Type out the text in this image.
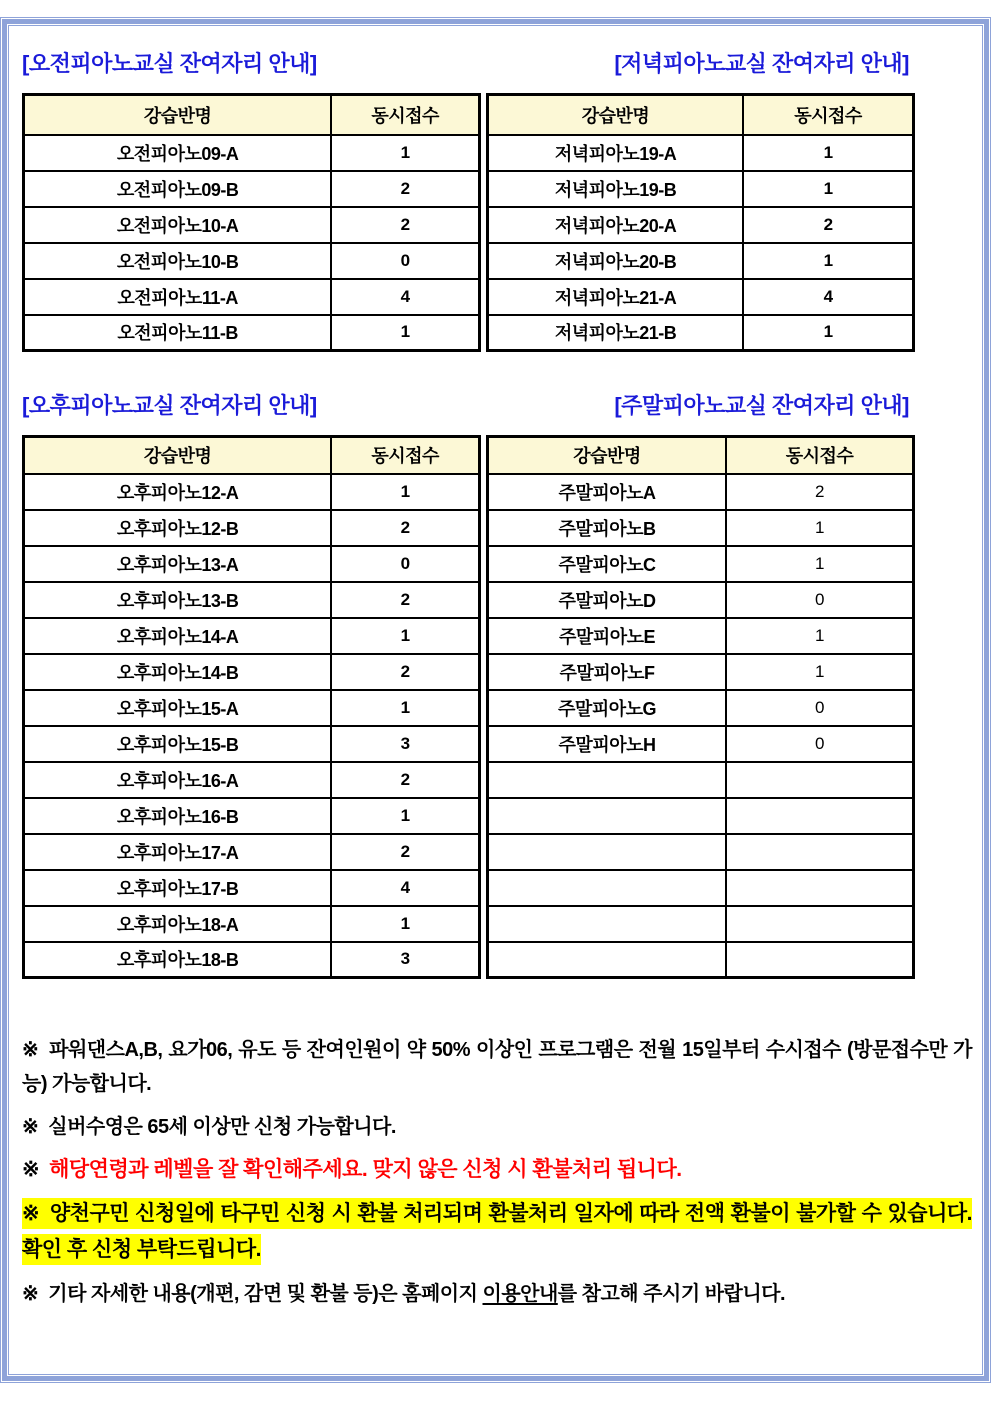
[오전피아노교실 잔여자리 안내]	[저녁피아노교실 잔여자리 안내]
강습반명	동시접수
오전피아노09-A	1
오전피아노09-B	2
오전피아노10-A	2
오전피아노10-B	0
오전피아노11-A	4
오전피아노11-B	1
강습반명	동시접수
저녁피아노19-A	1
저녁피아노19-B	1
저녁피아노20-A	2
저녁피아노20-B	1
저녁피아노21-A	4
저녁피아노21-B	1
[오후피아노교실 잔여자리 안내]	[주말피아노교실 잔여자리 안내]
강습반명	동시접수
오후피아노12-A	1
오후피아노12-B	2
오후피아노13-A	0
오후피아노13-B	2
오후피아노14-A	1
오후피아노14-B	2
오후피아노15-A	1
오후피아노15-B	3
오후피아노16-A	2
오후피아노16-B	1
오후피아노17-A	2
오후피아노17-B	4
오후피아노18-A	1
오후피아노18-B	3
강습반명	동시접수
주말피아노A	2
주말피아노B	1
주말피아노C	1
주말피아노D	0
주말피아노E	1
주말피아노F	1
주말피아노G	0
주말피아노H	0

※ 파워댄스A,B, 요가06, 유도 등 잔여인원이 약 50% 이상인 프로그램은 전월 15일부터 수시접수 (방문접수만 가능) 가능합니다.
※ 실버수영은 65세 이상만 신청 가능합니다.
※ 해당연령과 레벨을 잘 확인해주세요. 맞지 않은 신청 시 환불처리 됩니다.
※ 양천구민 신청일에 타구민 신청 시 환불 처리되며 환불처리 일자에 따라 전액 환불이 불가할 수 있습니다. 확인 후 신청 부탁드립니다.
※ 기타 자세한 내용(개편, 감면 및 환불 등)은 홈페이지 이용안내를 참고해 주시기 바랍니다.
